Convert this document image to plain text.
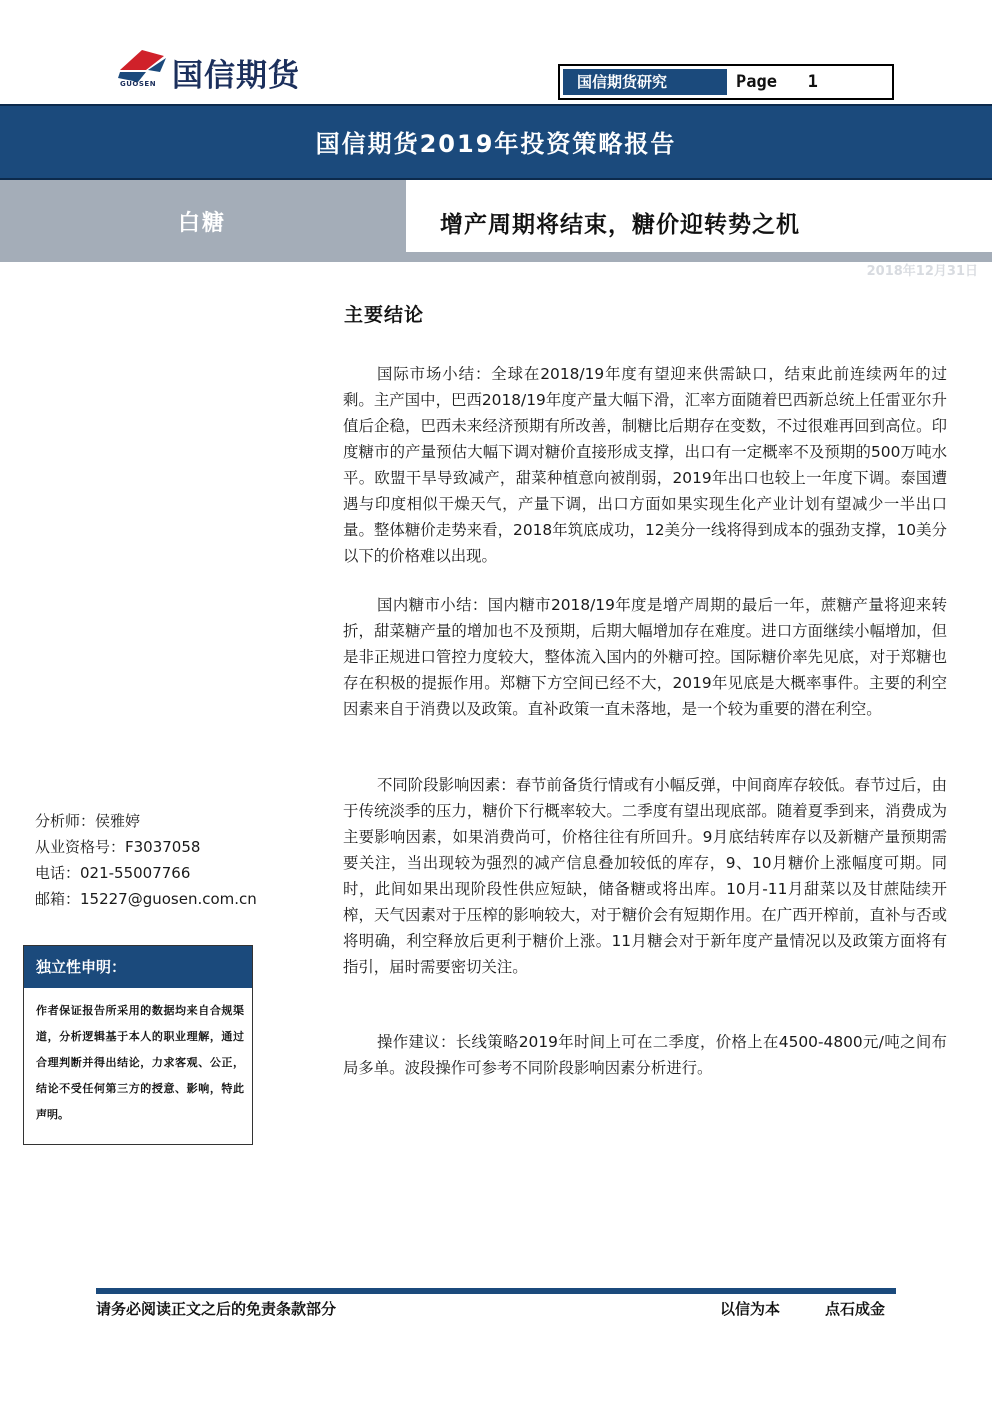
国信期货
GUOSEN	国信期货研究	Page   1
国信期货2019年投资策略报告
白糖	增产周期将结束，糖价迎转势之机
2018年12月31日
主要结论

国际市场小结：全球在2018/19年度有望迎来供需缺口，结束此前连续两年的过剩。主产国中，巴西2018/19年度产量大幅下滑，汇率方面随着巴西新总统上任雷亚尔升值后企稳，巴西未来经济预期有所改善，制糖比后期存在变数，不过很难再回到高位。印度糖市的产量预估大幅下调对糖价直接形成支撑，出口有一定概率不及预期的500万吨水平。欧盟干旱导致减产，甜菜种植意向被削弱，2019年出口也较上一年度下调。泰国遭遇与印度相似干燥天气，产量下调，出口方面如果实现生化产业计划有望减少一半出口量。整体糖价走势来看，2018年筑底成功，12美分一线将得到成本的强劲支撑，10美分以下的价格难以出现。

国内糖市小结：国内糖市2018/19年度是增产周期的最后一年，蔗糖产量将迎来转折，甜菜糖产量的增加也不及预期，后期大幅增加存在难度。进口方面继续小幅增加，但是非正规进口管控力度较大，整体流入国内的外糖可控。国际糖价率先见底，对于郑糖也存在积极的提振作用。郑糖下方空间已经不大，2019年见底是大概率事件。主要的利空因素来自于消费以及政策。直补政策一直未落地，是一个较为重要的潜在利空。

不同阶段影响因素：春节前备货行情或有小幅反弹，中间商库存较低。春节过后，由于传统淡季的压力，糖价下行概率较大。二季度有望出现底部。随着夏季到来，消费成为主要影响因素，如果消费尚可，价格往往有所回升。9月底结转库存以及新糖产量预期需要关注，当出现较为强烈的减产信息叠加较低的库存，9、10月糖价上涨幅度可期。同时，此间如果出现阶段性供应短缺，储备糖或将出库。10月-11月甜菜以及甘蔗陆续开榨，天气因素对于压榨的影响较大，对于糖价会有短期作用。在广西开榨前，直补与否或将明确，利空释放后更利于糖价上涨。11月糖会对于新年度产量情况以及政策方面将有指引，届时需要密切关注。

操作建议：长线策略2019年时间上可在二季度，价格上在4500-4800元/吨之间布局多单。波段操作可参考不同阶段影响因素分析进行。

分析师：侯雅婷
从业资格号：F3037058
电话：021-55007766
邮箱：15227@guosen.com.cn
独立性申明：
作者保证报告所采用的数据均来自合规渠道，分析逻辑基于本人的职业理解，通过合理判断并得出结论，力求客观、公正，结论不受任何第三方的授意、影响，特此声明。
请务必阅读正文之后的免责条款部分	以信为本	点石成金
